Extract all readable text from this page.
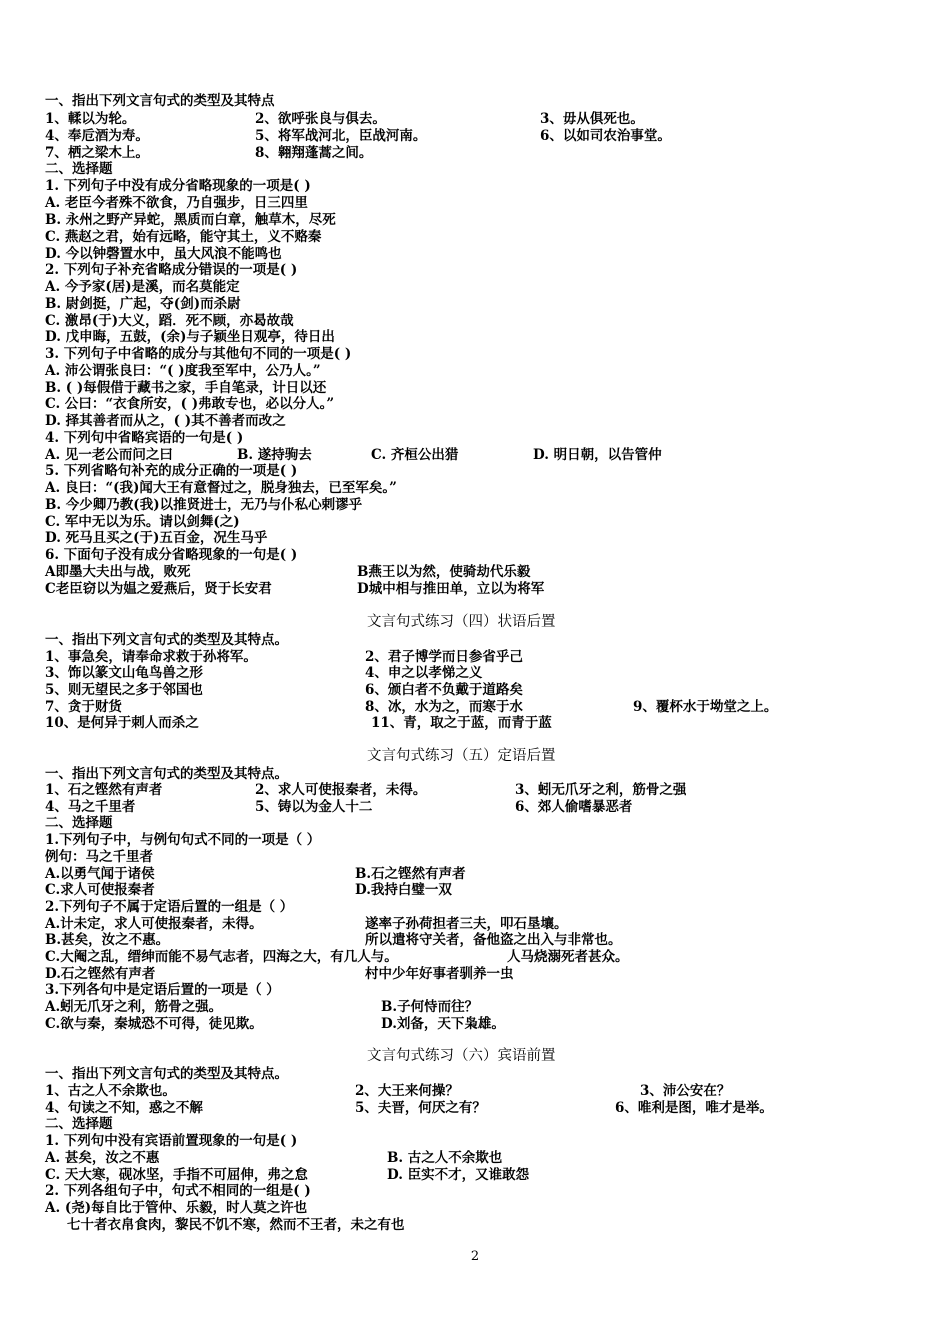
一、指出下列文言句式的类型及其特点
1、輮以为轮。	2、欲呼张良与俱去。	3、毋从俱死也。
4、奉卮酒为寿。	5、将军战河北，臣战河南。	6、以如司农治事堂。
7、栖之梁木上。	8、翱翔蓬蒿之间。
二、选择题
1. 下列句子中没有成分省略现象的一项是( )
A. 老臣今者殊不欲食，乃自强步，日三四里
B. 永州之野产异蛇，黑质而白章，触草木，尽死
C. 燕赵之君，始有远略，能守其土，义不赂秦
D. 今以钟磬置水中，虽大风浪不能鸣也
2. 下列句子补充省略成分错误的一项是( )
A. 今予家(居)是溪，而名莫能定
B. 尉剑挺，广起，夺(剑)而杀尉
C. 激昂(于)大义，蹈．死不顾，亦曷故哉
D. 戊申晦，五鼓，(余)与子颖坐日观亭，待日出
3. 下列句子中省略的成分与其他句不同的一项是( )
A. 沛公谓张良曰：“( )度我至军中，公乃人。”
B. ( )每假借于藏书之家，手自笔录，计日以还
C. 公曰：“衣食所安，( )弗敢专也，必以分人。”
D. 择其善者而从之，( )其不善者而改之
4. 下列句中省略宾语的一句是( )
A. 见一老公而问之曰	B. 遂持驹去	C. 齐桓公出猎	D. 明日朝，以告管仲
5. 下列省略句补充的成分正确的一项是( )
A. 良曰：“(我)闻大王有意督过之，脱身独去，已至军矣。”
B. 今少卿乃教(我)以推贤进士，无乃与仆私心剌谬乎
C. 军中无以为乐。请以剑舞(之)
D. 死马且买之(于)五百金，况生马乎
6. 下面句子没有成分省略现象的一句是( )
A即墨大夫出与战，败死	B燕王以为然，使骑劫代乐毅
C老臣窃以为媪之爱燕后，贤于长安君	D城中相与推田单，立以为将军
文言句式练习（四）状语后置
一、指出下列文言句式的类型及其特点。
1、事急矣，请奉命求救于孙将军。	2、君子博学而日参省乎己
3、饰以篆文山龟鸟兽之形	4、申之以孝悌之义
5、则无望民之多于邻国也	6、颁白者不负戴于道路矣
7、贪于财货	8、冰，水为之，而寒于水	9、覆杯水于坳堂之上。
10、是何异于刺人而杀之	11、青，取之于蓝，而青于蓝
文言句式练习（五）定语后置
一、指出下列文言句式的类型及其特点。
1、石之铿然有声者	2、求人可使报秦者，未得。	3、蚓无爪牙之利，筋骨之强
4、马之千里者	5、铸以为金人十二	6、郊人偷嗜暴恶者
二、选择题
1.下列句子中，与例句句式不同的一项是（ ）
例句：马之千里者
A.以勇气闻于诸侯	B.石之铿然有声者
C.求人可使报秦者	D.我持白璧一双
2.下列句子不属于定语后置的一组是（ ）
A.计未定，求人可使报秦者，未得。	遂率子孙荷担者三夫，叩石垦壤。
B.甚矣，汝之不惠。	所以遣将守关者，备他盗之出入与非常也。
C.大阉之乱，缙绅而能不易气志者，四海之大，有几人与。	人马烧溺死者甚众。
D.石之铿然有声者	村中少年好事者驯养一虫
3.下列各句中是定语后置的一项是（ ）
A.蚓无爪牙之利，筋骨之强。	B.子何恃而往？
C.欲与秦，秦城恐不可得，徒见欺。	D.刘备，天下枭雄。
文言句式练习（六）宾语前置
一、指出下列文言句式的类型及其特点。
1、古之人不余欺也。	2、大王来何操？	3、沛公安在？
4、句读之不知，惑之不解	5、夫晋，何厌之有？	6、唯利是图，唯才是举。
二、选择题
1. 下列句中没有宾语前置现象的一句是( )
A. 甚矣，汝之不惠	B. 古之人不余欺也
C. 天大寒，砚冰坚，手指不可屈伸，弗之怠	D. 臣实不才，又谁敢怨
2. 下列各组句子中，句式不相同的一组是( )
A. (尧)每自比于管仲、乐毅，时人莫之许也
七十者衣帛食肉，黎民不饥不寒，然而不王者，未之有也
2
